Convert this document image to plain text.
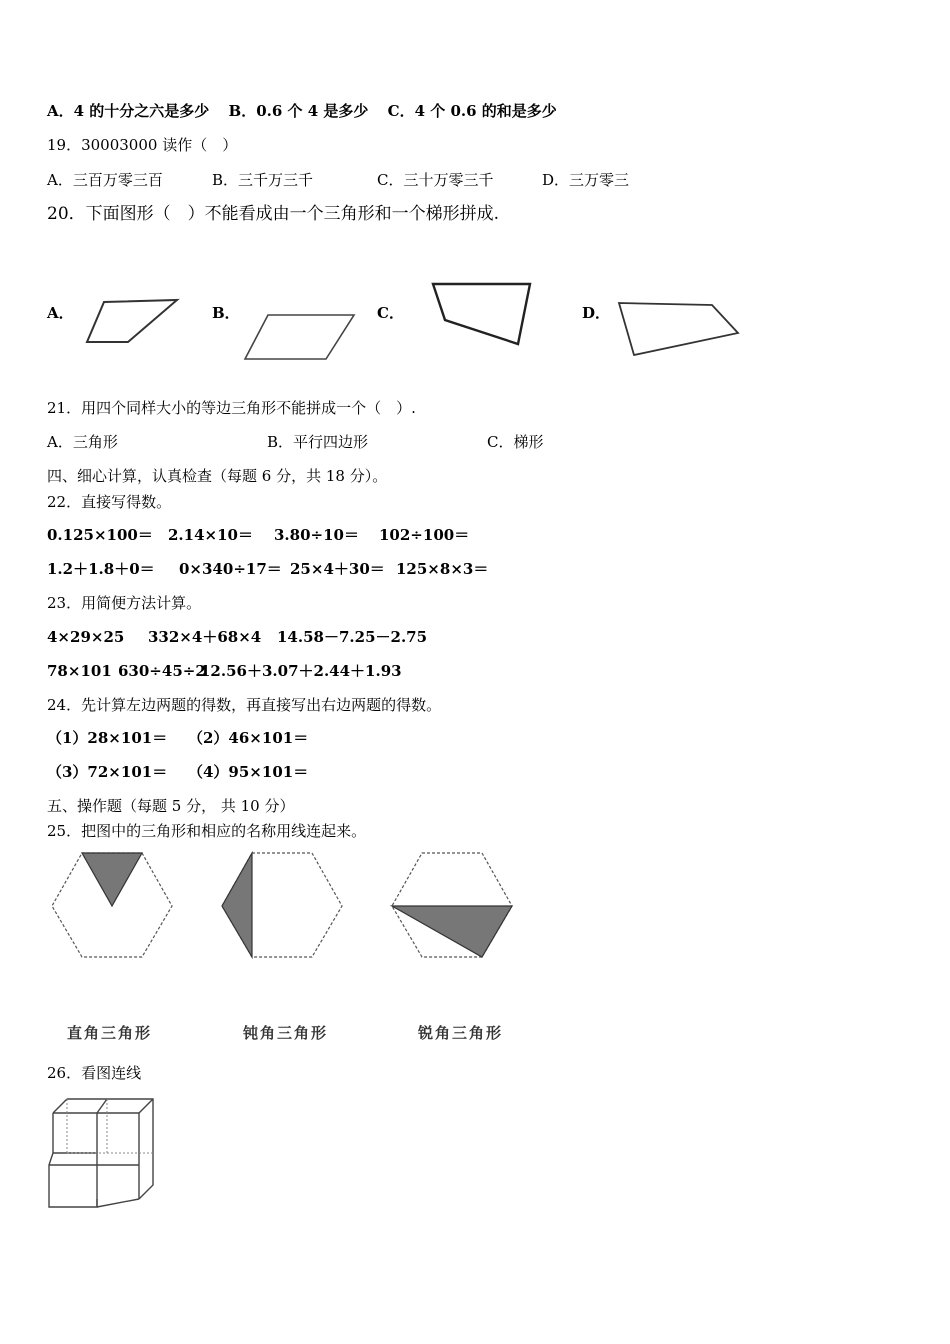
A．4 的十分之六是多少 B．0.6 个 4 是多少 C．4 个 0.6 的和是多少
19．30003000 读作（　）
A．三百万零三百	B．三千万三千	C．三十万零三千	D．三万零三
20．下面图形（　）不能看成由一个三角形和一个梯形拼成.
A．	B．	C．	D．
21．用四个同样大小的等边三角形不能拼成一个（　）.
A．三角形	B．平行四边形	C．梯形
四、细心计算，认真检查（每题 6 分，共 18 分）。
22．直接写得数。
0.125×100＝ 2.14×10＝ 3.80÷10＝ 102÷100＝
1.2＋1.8＋0＝ 0×340÷17＝ 25×4＋30＝ 125×8×3＝
23．用简便方法计算。
4×29×25 332×4＋68×4 14.58－7.25－2.75
78×101 630÷45÷2
12.56＋3.07＋2.44＋1.93
24．先计算左边两题的得数，再直接写出右边两题的得数。
（1）28×101＝ （2）46×101＝
（3）72×101＝ （4）95×101＝
五、操作题（每题 5 分， 共 10 分）
25．把图中的三角形和相应的名称用线连起来。
直角三角形	钝角三角形	锐角三角形
26．看图连线
